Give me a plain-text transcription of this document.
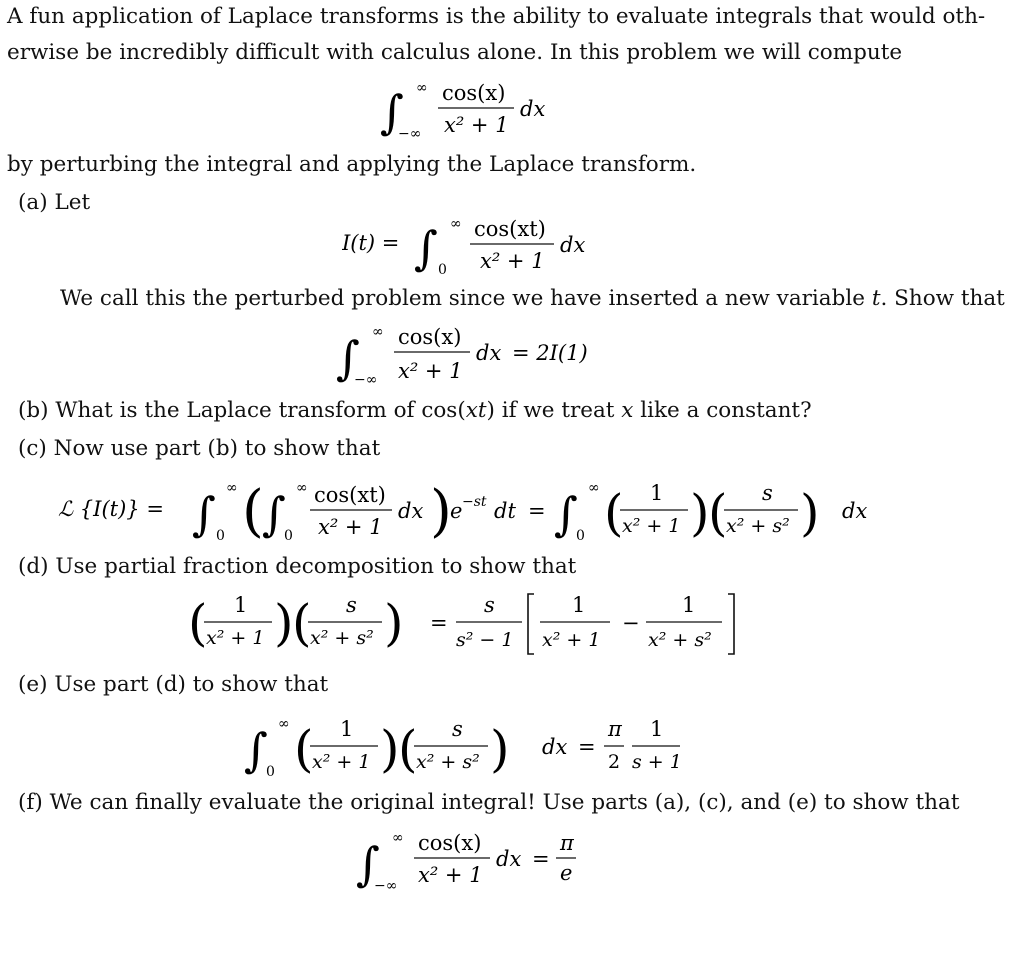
A fun application of Laplace transforms is the ability to evaluate integrals that would oth-
erwise be incredibly difficult with calculus alone. In this problem we will compute
∫ ∞
−∞
cos(x)
x² + 1
dx
by perturbing the integral and applying the Laplace transform.
(a) Let
I(t) = ∫ ∞
0
cos(xt)
x² + 1
dx
We call this the perturbed problem since we have inserted a new variable t. Show that
∫ ∞
−∞
cos(x)
x² + 1
dx = 2I(1)
(b) What is the Laplace transform of cos(xt) if we treat x like a constant?
(c) Now use part (b) to show that
ℒ {I(t)} = ∫ ∞
0 (
∫ ∞
0
cos(xt)
x² + 1
dx )
e −st dt = ∫ ∞
0 ( 1
x² + 1 )
( s
x² + s² ) dx
(d) Use partial fraction decomposition to show that
( 1
x² + 1 )
( s
x² + s² ) =
s
s² − 1
1
x² + 1
−
1
x² + s²
(e) Use part (d) to show that
∫ ∞
0 ( 1
x² + 1 )
( s
x² + s² ) dx =
π
2
1
s + 1
(f) We can finally evaluate the original integral! Use parts (a), (c), and (e) to show that
∫ ∞
−∞
cos(x)
x² + 1
dx =
π
e
